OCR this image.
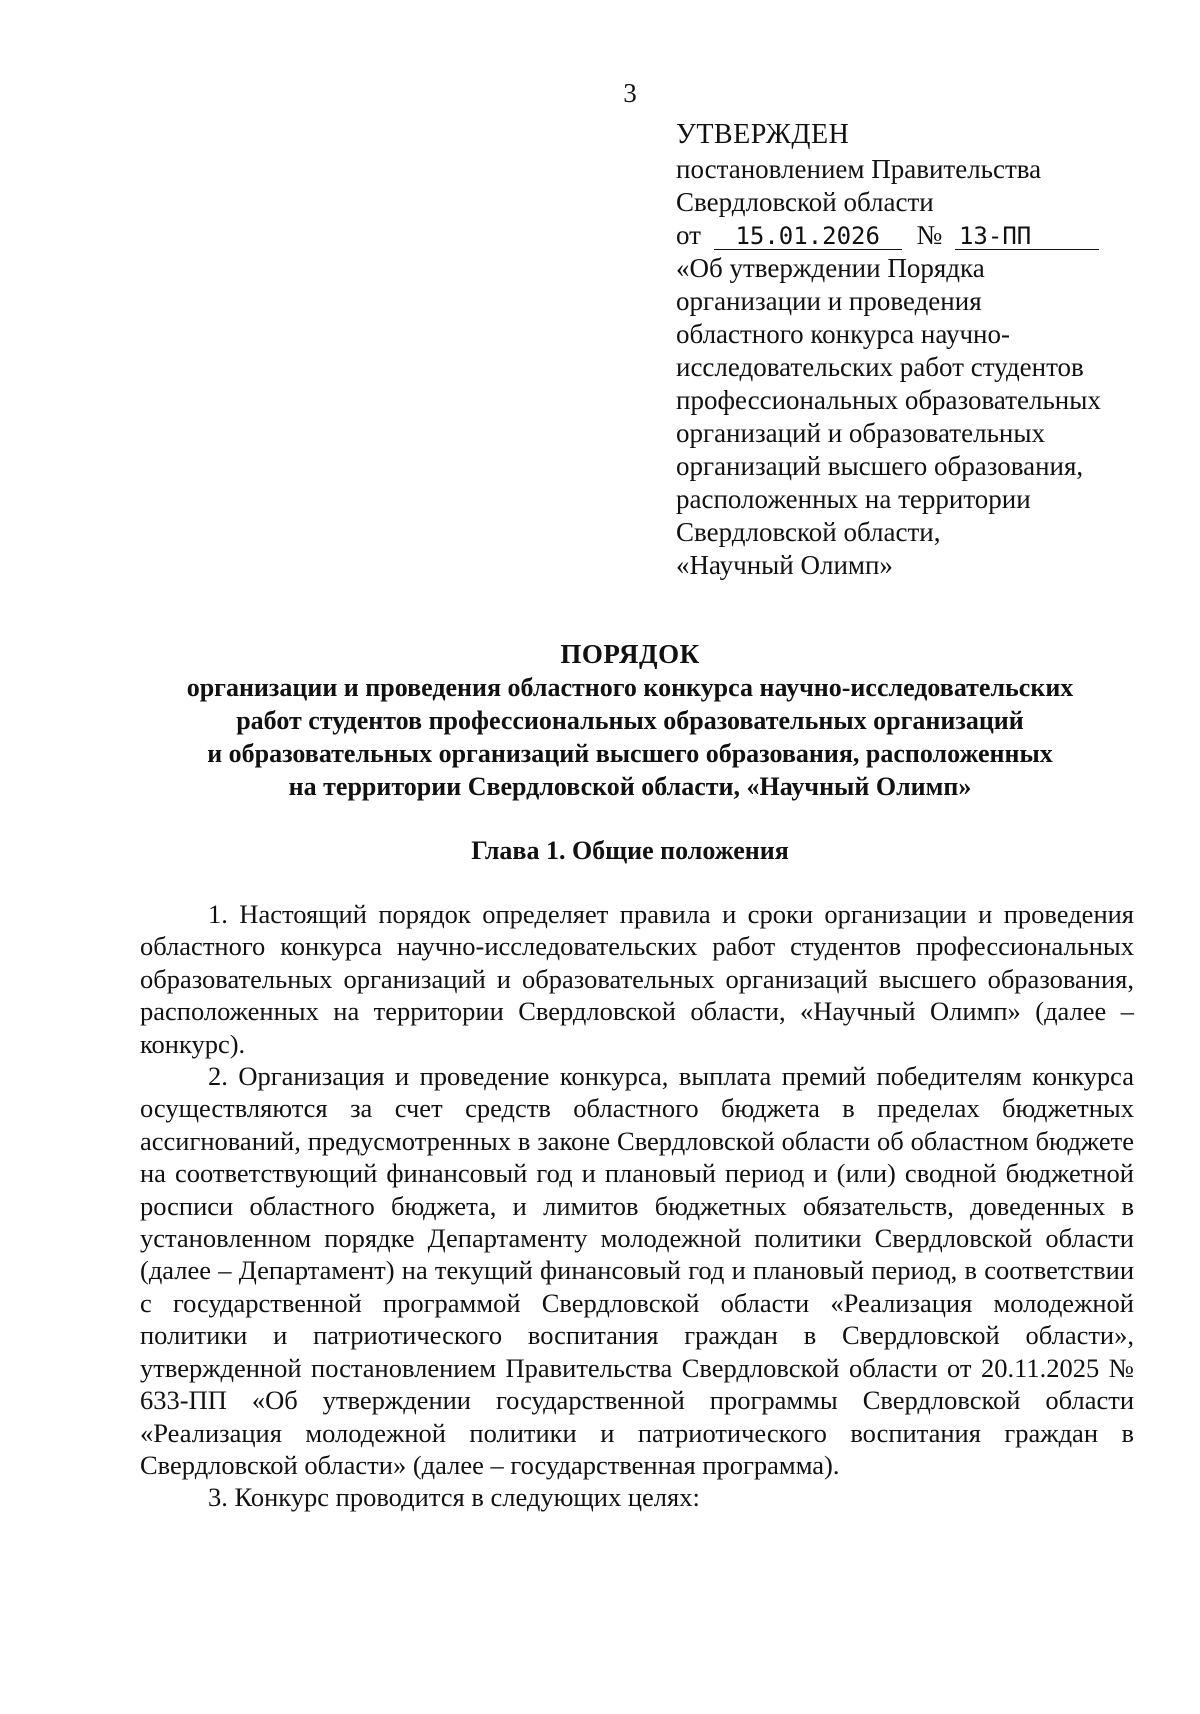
3
УТВЕРЖДЕН
постановлением Правительства
Свердловской области
от 15.01.2026 № 13-ПП
«Об утверждении Порядка
организации и проведения
областного конкурса научно-
исследовательских работ студентов
профессиональных образовательных
организаций и образовательных
организаций высшего образования,
расположенных на территории
Свердловской области,
«Научный Олимп»
ПОРЯДОК
организации и проведения областного конкурса научно-исследовательских
работ студентов профессиональных образовательных организаций
и образовательных организаций высшего образования, расположенных
на территории Свердловской области, «Научный Олимп»
Глава 1. Общие положения

1. Настоящий порядок определяет правила и сроки организации и проведения областного конкурса научно-исследовательских работ студентов профессиональных образовательных организаций и образовательных организаций высшего образования, расположенных на территории Свердловской области, «Научный Олимп» (далее – конкурс).

2. Организация и проведение конкурса, выплата премий победителям конкурса осуществляются за счет средств областного бюджета в пределах бюджетных ассигнований, предусмотренных в законе Свердловской области об областном бюджете на соответствующий финансовый год и плановый период и (или) сводной бюджетной росписи областного бюджета, и лимитов бюджетных обязательств, доведенных в установленном порядке Департаменту молодежной политики Свердловской области (далее – Департамент) на текущий финансовый год и плановый период, в соответствии с государственной программой Свердловской области «Реализация молодежной политики и патриотического воспитания граждан в Свердловской области», утвержденной постановлением Правительства Свердловской области от 20.11.2025 № 633-ПП «Об утверждении государственной программы Свердловской области «Реализация молодежной политики и патриотического воспитания граждан в Свердловской области» (далее – государственная программа).

3. Конкурс проводится в следующих целях:
